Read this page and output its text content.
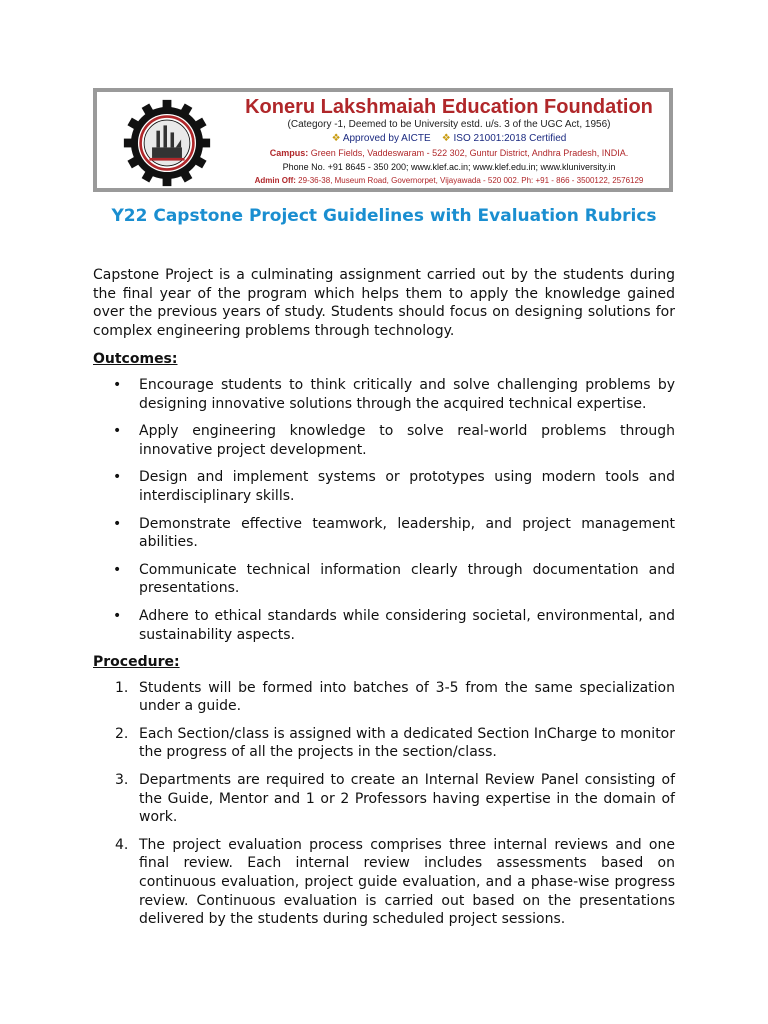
Koneru Lakshmaiah Education Foundation
(Category -1, Deemed to be University estd. u/s. 3 of the UGC Act, 1956)
❖ Approved by AICTE ❖ ISO 21001:2018 Certified
Campus: Green Fields, Vaddeswaram - 522 302, Guntur District, Andhra Pradesh, INDIA.
Phone No. +91 8645 - 350 200; www.klef.ac.in; www.klef.edu.in; www.kluniversity.in
Admin Off: 29-36-38, Museum Road, Governorpet, Vijayawada - 520 002. Ph: +91 - 866 - 3500122, 2576129
Y22 Capstone Project Guidelines with Evaluation Rubrics

Capstone Project is a culminating assignment carried out by the students during the final year of the program which helps them to apply the knowledge gained over the previous years of study. Students should focus on designing solutions for complex engineering problems through technology.

Outcomes:
• Encourage students to think critically and solve challenging problems by designing innovative solutions through the acquired technical expertise.
• Apply engineering knowledge to solve real-world problems through innovative project development.
• Design and implement systems or prototypes using modern tools and interdisciplinary skills.
• Demonstrate effective teamwork, leadership, and project management abilities.
• Communicate technical information clearly through documentation and presentations.
• Adhere to ethical standards while considering societal, environmental, and sustainability aspects.
Procedure:
1. Students will be formed into batches of 3-5 from the same specialization under a guide.
2. Each Section/class is assigned with a dedicated Section InCharge to monitor the progress of all the projects in the section/class.
3. Departments are required to create an Internal Review Panel consisting of the Guide, Mentor and 1 or 2 Professors having expertise in the domain of work.
4. The project evaluation process comprises three internal reviews and one final review. Each internal review includes assessments based on continuous evaluation, project guide evaluation, and a phase-wise progress review. Continuous evaluation is carried out based on the presentations delivered by the students during scheduled project sessions.
